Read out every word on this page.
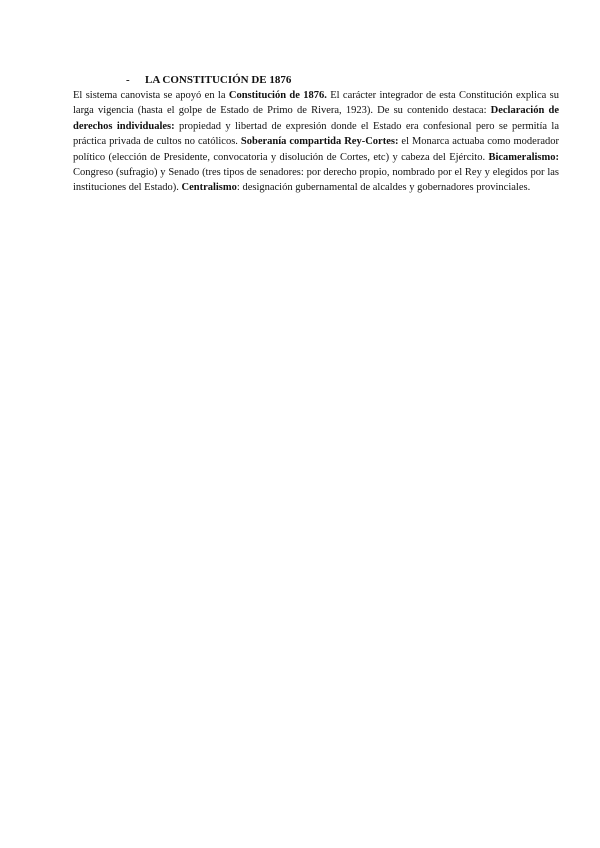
- LA CONSTITUCIÓN DE 1876

El sistema canovista se apoyó en la Constitución de 1876. El carácter integrador de esta Constitución explica su larga vigencia (hasta el golpe de Estado de Primo de Rivera, 1923). De su contenido destaca: Declaración de derechos individuales: propiedad y libertad de expresión donde el Estado era confesional pero se permitía la práctica privada de cultos no católicos. Soberanía compartida Rey-Cortes: el Monarca actuaba como moderador político (elección de Presidente, convocatoria y disolución de Cortes, etc) y cabeza del Ejército. Bicameralismo: Congreso (sufragio) y Senado (tres tipos de senadores: por derecho propio, nombrado por el Rey y elegidos por las instituciones del Estado). Centralismo: designación gubernamental de alcaldes y gobernadores provinciales.
